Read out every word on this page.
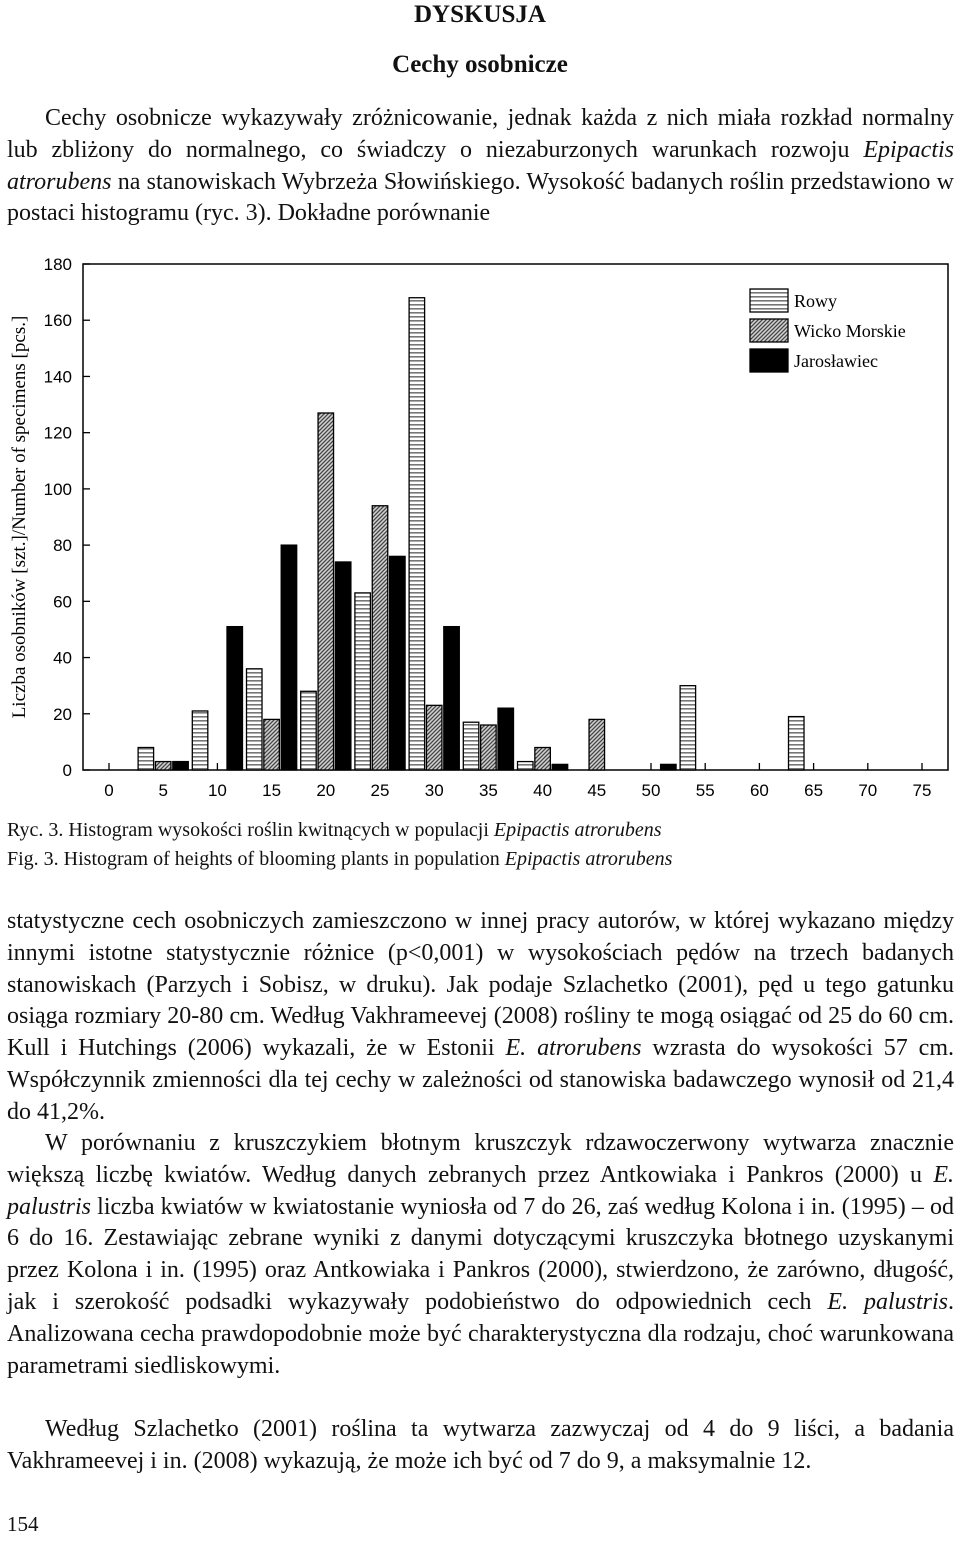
DYSKUSJA
Cechy osobnicze

Cechy osobnicze wykazywały zróżnicowanie, jednak każda z nich miała rozkład normalny lub zbliżony do normalnego, co świadczy o niezaburzonych warunkach rozwoju Epipactis atrorubens na stanowiskach Wybrzeża Słowińskiego. Wysokość badanych roślin przedstawiono w postaci histogramu (ryc. 3). Dokładne porównanie

Liczba osobników [szt.]/Number of specimens [pcs.]
0
20
40
60
80
100
120
140
160
180
0	5 10 15 20 25 30 35 40 45 50 55 60 65 70 75
Rowy
Wicko Morskie
Jarosławiec
Ryc. 3. Histogram wysokości roślin kwitnących w populacji Epipactis atrorubens
Fig. 3. Histogram of heights of blooming plants in population Epipactis atrorubens

statystyczne cech osobniczych zamieszczono w innej pracy autorów, w której wykazano między innymi istotne statystycznie różnice (p<0,001) w wysokościach pędów na trzech badanych stanowiskach (Parzych i Sobisz, w druku). Jak podaje Szlachetko (2001), pęd u tego gatunku osiąga rozmiary 20-80 cm. Według Vakhrameevej (2008) rośliny te mogą osiągać od 25 do 60 cm. Kull i Hutchings (2006) wykazali, że w Estonii E. atrorubens wzrasta do wysokości 57 cm. Współczynnik zmienności dla tej cechy w zależności od stanowiska badawczego wynosił od 21,4 do 41,2%.

W porównaniu z kruszczykiem błotnym kruszczyk rdzawoczerwony wytwarza znacznie większą liczbę kwiatów. Według danych zebranych przez Antkowiaka i Pankros (2000) u E. palustris liczba kwiatów w kwiatostanie wyniosła od 7 do 26, zaś według Kolona i in. (1995) – od 6 do 16. Zestawiając zebrane wyniki z danymi dotyczącymi kruszczyka błotnego uzyskanymi przez Kolona i in. (1995) oraz Antkowiaka i Pankros (2000), stwierdzono, że zarówno, długość, jak i szerokość podsadki wykazywały podobieństwo do odpowiednich cech E. palustris. Analizowana cecha prawdopodobnie może być charakterystyczna dla rodzaju, choć warunkowana parametrami siedliskowymi.

Według Szlachetko (2001) roślina ta wytwarza zazwyczaj od 4 do 9 liści, a badania Vakhrameevej i in. (2008) wykazują, że może ich być od 7 do 9, a maksymalnie 12.

154
